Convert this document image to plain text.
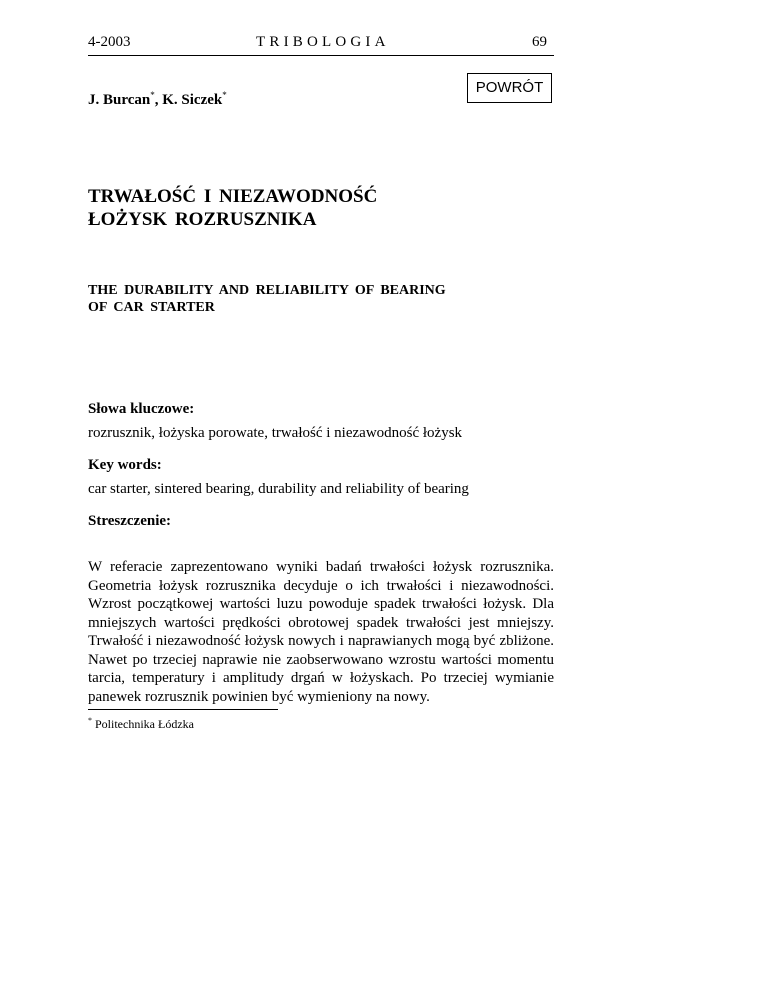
4-2003	TRIBOLOGIA	69
J. Burcan*, K. Siczek*	POWRÓT
TRWAŁOŚĆ I NIEZAWODNOŚĆ
ŁOŻYSK ROZRUSZNIKA
THE DURABILITY AND RELIABILITY OF BEARING
OF CAR STARTER
Słowa kluczowe:
rozrusznik, łożyska porowate, trwałość i niezawodność łożysk
Key words:
car starter, sintered bearing, durability and reliability of bearing
Streszczenie:

W referacie zaprezentowano wyniki badań trwałości łożysk rozrusznika. Geometria łożysk rozrusznika decyduje o ich trwałości i niezawodności. Wzrost początkowej wartości luzu powoduje spadek trwałości łożysk. Dla mniejszych wartości prędkości obrotowej spadek trwałości jest mniejszy. Trwałość i niezawodność łożysk nowych i naprawianych mogą być zbliżone. Nawet po trzeciej naprawie nie zaobserwowano wzrostu wartości momentu tarcia, temperatury i amplitudy drgań w łożyskach. Po trzeciej wymianie panewek rozrusznik powinien być wymieniony na nowy.

* Politechnika Łódzka
